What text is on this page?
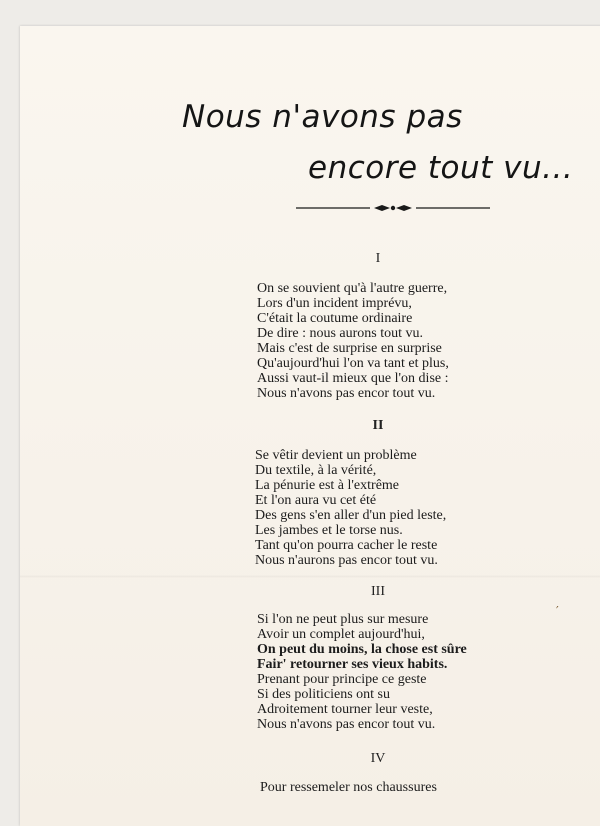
Nous n'avons pas
encore tout vu...
I

On se souvient qu'à l'autre guerre,
Lors d'un incident imprévu,
C'était la coutume ordinaire
De dire : nous aurons tout vu.
Mais c'est de surprise en surprise
Qu'aujourd'hui l'on va tant et plus,
Aussi vaut-il mieux que l'on dise :
Nous n'avons pas encor tout vu.

II

Se vêtir devient un problème
Du textile, à la vérité,
La pénurie est à l'extrême
Et l'on aura vu cet été
Des gens s'en aller d'un pied leste,
Les jambes et le torse nus.
Tant qu'on pourra cacher le reste
Nous n'aurons pas encor tout vu.

III

Si l'on ne peut plus sur mesure
Avoir un complet aujourd'hui,
On peut du moins, la chose est sûre
Fair' retourner ses vieux habits.
Prenant pour principe ce geste
Si des politiciens ont su
Adroitement tourner leur veste,
Nous n'avons pas encor tout vu.

IV

Pour ressemeler nos chaussures

′
